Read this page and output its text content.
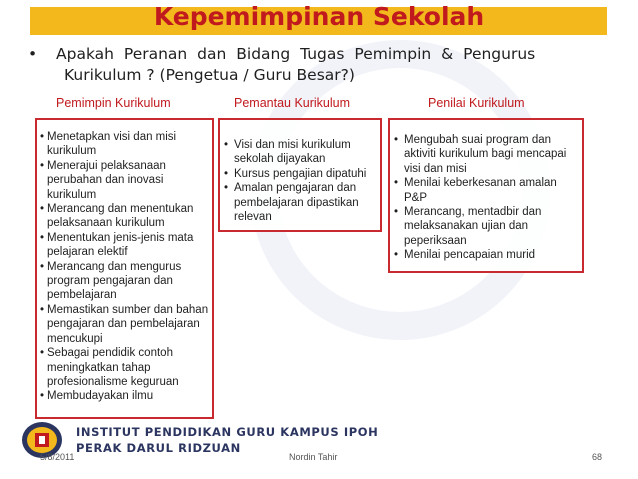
Kepemimpinan Sekolah
•	Apakah Peranan dan Bidang Tugas Pemimpin & Pengurus
Kurikulum ? (Pengetua / Guru Besar?)
Pemimpin Kurikulum
• Menetapkan visi dan misi kurikulum
• Menerajui pelaksanaan perubahan dan inovasi kurikulum
• Merancang dan menentukan pelaksanaan kurikulum
• Menentukan jenis-jenis mata pelajaran elektif
• Merancang dan mengurus program pengajaran dan pembelajaran
• Memastikan sumber dan bahan pengajaran dan pembelajaran mencukupi
• Sebagai pendidik contoh meningkatkan tahap profesionalisme keguruan
• Membudayakan ilmu
Pemantau Kurikulum
• Visi dan misi kurikulum sekolah dijayakan
• Kursus pengajian dipatuhi
• Amalan pengajaran dan pembelajaran dipastikan relevan
Penilai Kurikulum
• Mengubah suai program dan aktiviti kurikulum bagi mencapai visi dan misi
• Menilai keberkesanan amalan P&P
• Merancang, mentadbir dan melaksanakan ujian dan peperiksaan
• Menilai pencapaian murid
INSTITUT PENDIDIKAN GURU KAMPUS IPOH
PERAK DARUL RIDZUAN
5/8/2011	Nordin Tahir	68
